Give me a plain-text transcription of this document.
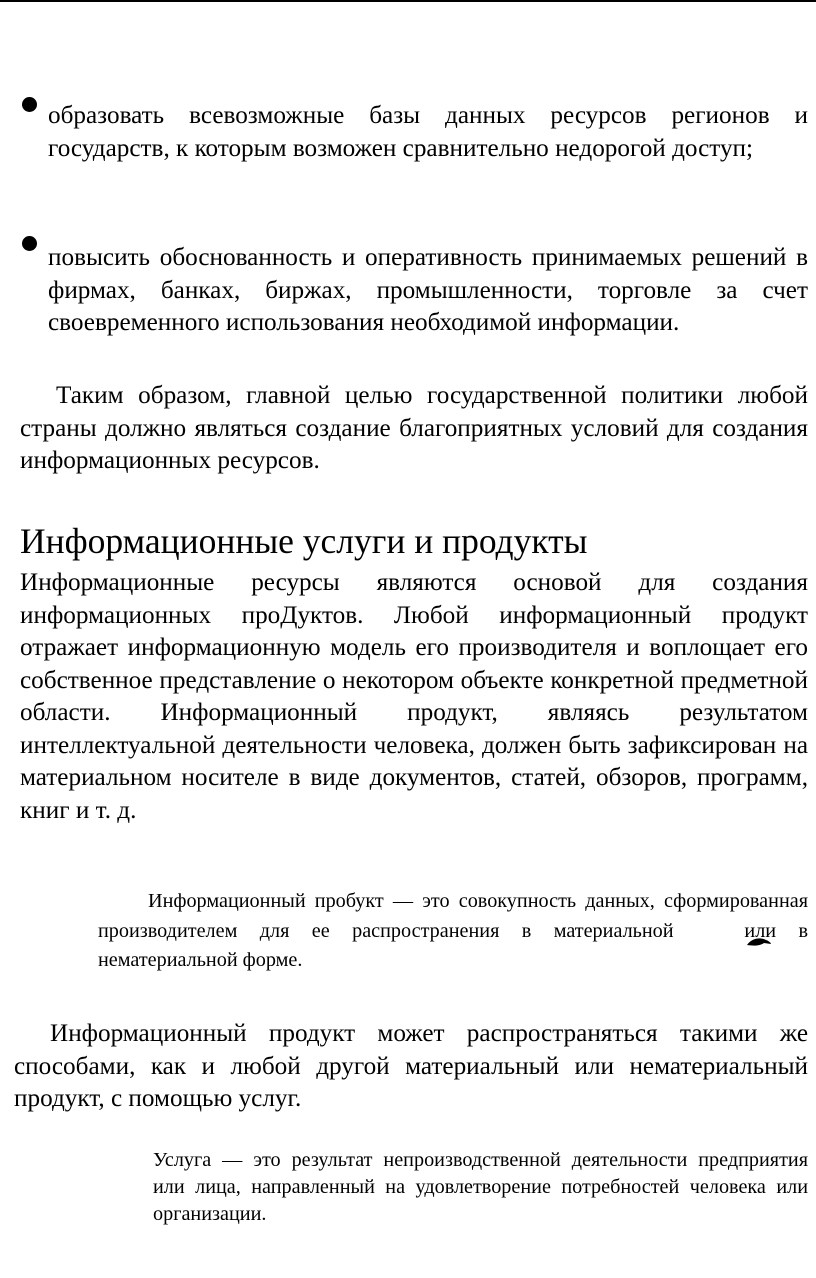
образовать всевозможные базы данных ресурсов регионов и государств, к которым возможен сравнительно недорогой доступ;

повысить обоснованность и оперативность принимаемых решений в фирмах, банках, биржах, промышленности, торговле за счет своевременного использования необходимой информации.

Таким образом, главной целью государственной политики любой страны должно являться создание благоприятных условий для создания информационных ресурсов.

Информационные услуги и продукты

Информационные ресурсы являются основой для создания информационных проДуктов. Любой информационный продукт отражает информационную модель его производителя и воплощает его собственное представление о некотором объекте конкретной предметной области. Информационный продукт, являясь результатом интеллектуальной деятельности человека, должен быть зафиксирован на материальном носителе в виде документов, статей, обзоров, программ, книг и т. д.

Информационный пробукт — это совокупность данных, сформированная производителем для ее распространения в материальной	или в нематериальной форме.

Информационный продукт может распространяться такими же способами, как и любой другой материальный или нематериальный продукт, с помощью услуг.

Услуга — это результат непроизводственной деятельности предприятия или лица, направленный на удовлетворение потребностей человека или организации.
